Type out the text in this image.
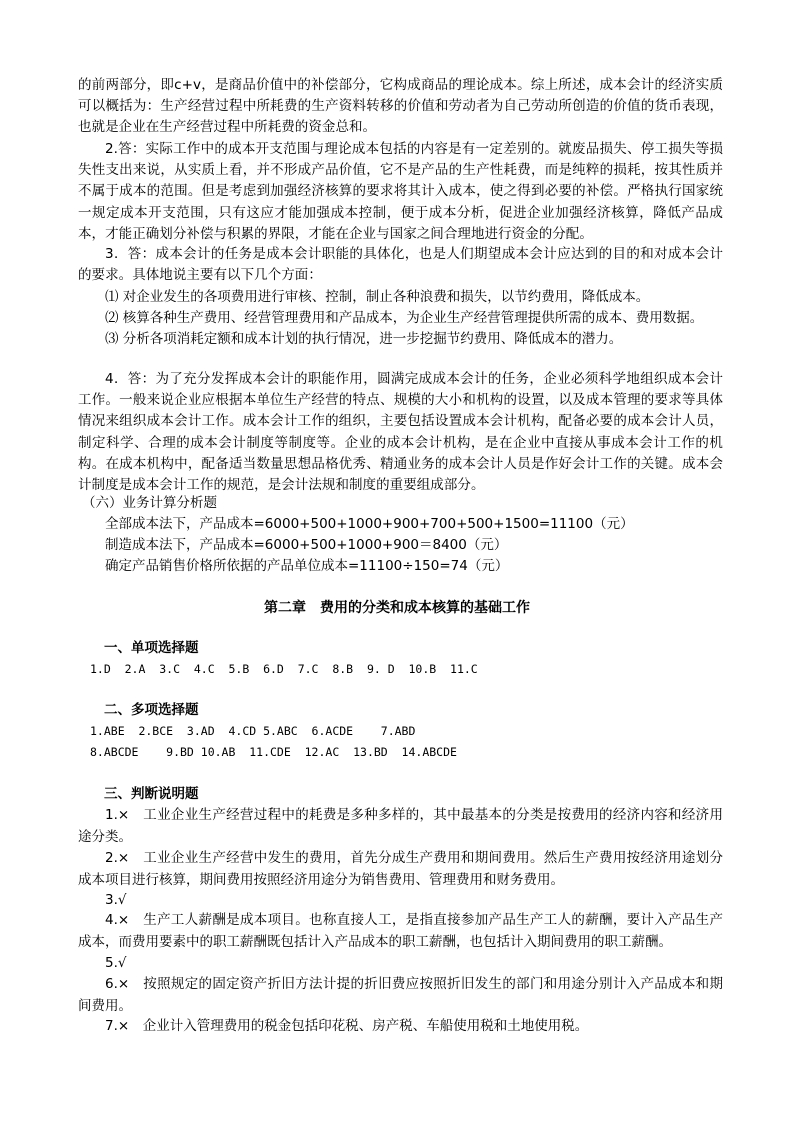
的前两部分，即c+v，是商品价值中的补偿部分，它构成商品的理论成本。综上所述，成本会计的经济实质可以概括为：生产经营过程中所耗费的生产资料转移的价值和劳动者为自己劳动所创造的价值的货币表现，也就是企业在生产经营过程中所耗费的资金总和。

2.答：实际工作中的成本开支范围与理论成本包括的内容是有一定差别的。就废品损失、停工损失等损失性支出来说，从实质上看，并不形成产品价值，它不是产品的生产性耗费，而是纯粹的损耗，按其性质并不属于成本的范围。但是考虑到加强经济核算的要求将其计入成本，使之得到必要的补偿。严格执行国家统一规定成本开支范围，只有这应才能加强成本控制，便于成本分析，促进企业加强经济核算，降低产品成本，才能正确划分补偿与积累的界限，才能在企业与国家之间合理地进行资金的分配。

3．答：成本会计的任务是成本会计职能的具体化，也是人们期望成本会计应达到的目的和对成本会计的要求。具体地说主要有以下几个方面：

⑴ 对企业发生的各项费用进行审核、控制，制止各种浪费和损失，以节约费用，降低成本。

⑵ 核算各种生产费用、经营管理费用和产品成本，为企业生产经营管理提供所需的成本、费用数据。

⑶ 分析各项消耗定额和成本计划的执行情况，进一步挖掘节约费用、降低成本的潜力。

4．答：为了充分发挥成本会计的职能作用，圆满完成成本会计的任务，企业必须科学地组织成本会计工作。一般来说企业应根据本单位生产经营的特点、规模的大小和机构的设置，以及成本管理的要求等具体情况来组织成本会计工作。成本会计工作的组织，主要包括设置成本会计机构，配备必要的成本会计人员，制定科学、合理的成本会计制度等制度等。企业的成本会计机构，是在企业中直接从事成本会计工作的机构。在成本机构中，配备适当数量思想品格优秀、精通业务的成本会计人员是作好会计工作的关键。成本会计制度是成本会计工作的规范，是会计法规和制度的重要组成部分。

（六）业务计算分析题

全部成本法下，产品成本=6000+500+1000+900+700+500+1500=11100（元）

制造成本法下，产品成本=6000+500+1000+900＝8400（元）

确定产品销售价格所依据的产品单位成本=11100÷150=74（元）

第二章　费用的分类和成本核算的基础工作

一、单项选择题

1.D  2.A  3.C  4.C  5.B  6.D  7.C  8.B  9. D  10.B  11.C

二、多项选择题

1.ABE  2.BCE  3.AD  4.CD 5.ABC  6.ACDE    7.ABD

8.ABCDE    9.BD 10.AB  11.CDE  12.AC  13.BD  14.ABCDE

三、判断说明题

1.×　工业企业生产经营过程中的耗费是多种多样的，其中最基本的分类是按费用的经济内容和经济用途分类。

2.×　工业企业生产经营中发生的费用，首先分成生产费用和期间费用。然后生产费用按经济用途划分成本项目进行核算，期间费用按照经济用途分为销售费用、管理费用和财务费用。

3.√

4.×　生产工人薪酬是成本项目。也称直接人工，是指直接参加产品生产工人的薪酬，要计入产品生产成本，而费用要素中的职工薪酬既包括计入产品成本的职工薪酬，也包括计入期间费用的职工薪酬。

5.√

6.×　按照规定的固定资产折旧方法计提的折旧费应按照折旧发生的部门和用途分别计入产品成本和期间费用。

7.×　企业计入管理费用的税金包括印花税、房产税、车船使用税和土地使用税。
